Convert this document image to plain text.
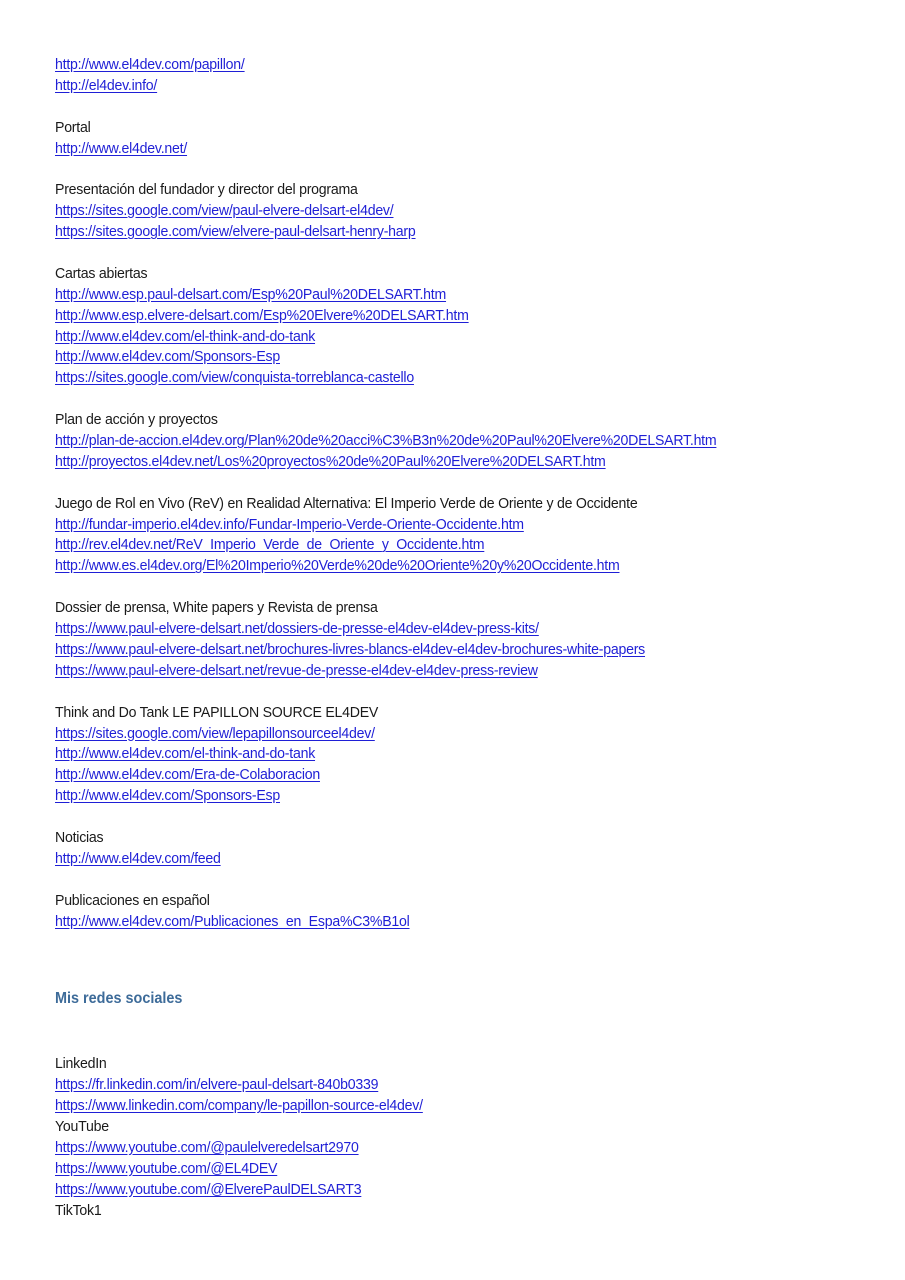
http://www.el4dev.com/papillon/
http://el4dev.info/
Portal
http://www.el4dev.net/
Presentación del fundador y director del programa
https://sites.google.com/view/paul-elvere-delsart-el4dev/
https://sites.google.com/view/elvere-paul-delsart-henry-harp
Cartas abiertas
http://www.esp.paul-delsart.com/Esp%20Paul%20DELSART.htm
http://www.esp.elvere-delsart.com/Esp%20Elvere%20DELSART.htm
http://www.el4dev.com/el-think-and-do-tank
http://www.el4dev.com/Sponsors-Esp
https://sites.google.com/view/conquista-torreblanca-castello
Plan de acción y proyectos
http://plan-de-accion.el4dev.org/Plan%20de%20acci%C3%B3n%20de%20Paul%20Elvere%20DELSART.htm
http://proyectos.el4dev.net/Los%20proyectos%20de%20Paul%20Elvere%20DELSART.htm
Juego de Rol en Vivo (ReV) en Realidad Alternativa: El Imperio Verde de Oriente y de Occidente
http://fundar-imperio.el4dev.info/Fundar-Imperio-Verde-Oriente-Occidente.htm
http://rev.el4dev.net/ReV_Imperio_Verde_de_Oriente_y_Occidente.htm
http://www.es.el4dev.org/El%20Imperio%20Verde%20de%20Oriente%20y%20Occidente.htm
Dossier de prensa, White papers y Revista de prensa
https://www.paul-elvere-delsart.net/dossiers-de-presse-el4dev-el4dev-press-kits/
https://www.paul-elvere-delsart.net/brochures-livres-blancs-el4dev-el4dev-brochures-white-papers
https://www.paul-elvere-delsart.net/revue-de-presse-el4dev-el4dev-press-review
Think and Do Tank LE PAPILLON SOURCE EL4DEV
https://sites.google.com/view/lepapillonsourceel4dev/
http://www.el4dev.com/el-think-and-do-tank
http://www.el4dev.com/Era-de-Colaboracion
http://www.el4dev.com/Sponsors-Esp
Noticias
http://www.el4dev.com/feed
Publicaciones en español
http://www.el4dev.com/Publicaciones_en_Espa%C3%B1ol
Mis redes sociales
LinkedIn
https://fr.linkedin.com/in/elvere-paul-delsart-840b0339
https://www.linkedin.com/company/le-papillon-source-el4dev/
YouTube
https://www.youtube.com/@paulelveredelsart2970
https://www.youtube.com/@EL4DEV
https://www.youtube.com/@ElverePaulDELSART3
TikTok1
